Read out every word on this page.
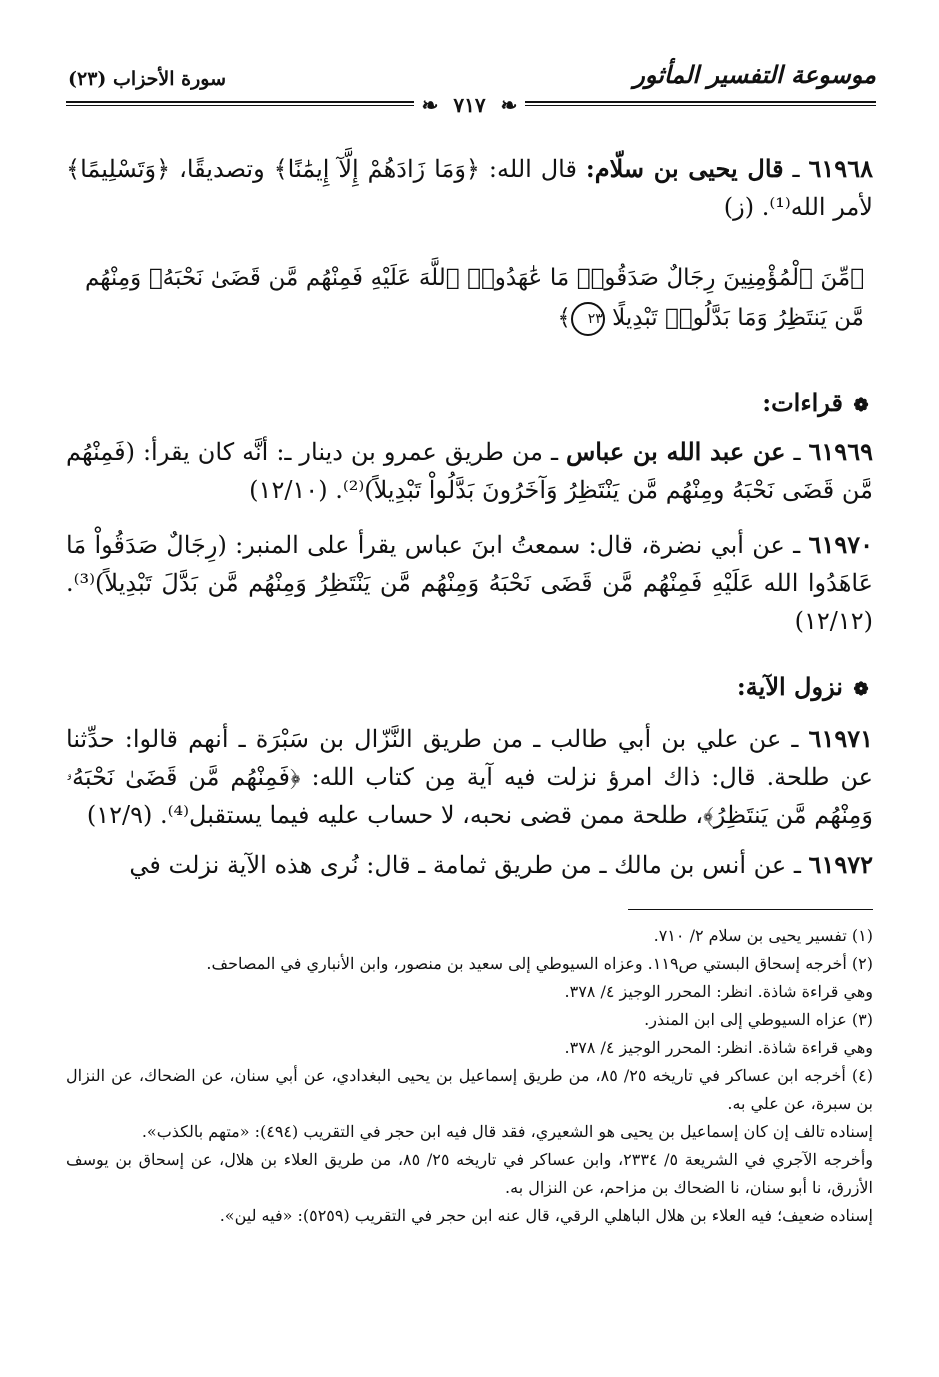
موسوعة التفسير المأثور
سورة الأحزاب (٢٣)
❧ ٧١٧ ❧
٦١٩٦٨ ـ قال يحيى بن سلّام: قال الله: ﴿وَمَا زَادَهُمْ إِلَّآ إِيمَٰنًا﴾ وتصديقًا، ﴿وَتَسْلِيمًا﴾ لأمر الله⁽¹⁾. (ز)
﴿مِّنَ ٱلْمُؤْمِنِينَ رِجَالٌ صَدَقُوا۟ مَا عَٰهَدُوا۟ ٱللَّهَ عَلَيْهِ فَمِنْهُم مَّن قَضَىٰ نَحْبَهُۥ وَمِنْهُم مَّن يَنتَظِرُ وَمَا بَدَّلُوا۟ تَبْدِيلًا ٢٣﴾
❁قراءات:
٦١٩٦٩ ـ عن عبد الله بن عباس ـ من طريق عمرو بن دينار ـ: أنَّه كان يقرأ: (فَمِنْهُم مَّن قَضَى نَحْبَهُ ومِنْهُم مَّن يَنْتَظِرُ وَآخَرُونَ بَدَّلُواْ تَبْدِيلاً)⁽²⁾. (١٢/١٠)
٦١٩٧٠ ـ عن أبي نضرة، قال: سمعتُ ابنَ عباس يقرأ على المنبر: (رِجَالٌ صَدَقُواْ مَا عَاهَدُوا الله عَلَيْهِ فَمِنْهُم مَّن قَضَى نَحْبَهُ وَمِنْهُم مَّن يَنْتَظِرُ وَمِنْهُم مَّن بَدَّلَ تَبْدِيلاً)⁽³⁾. (١٢/١٢)
❁نزول الآية:
٦١٩٧١ ـ عن علي بن أبي طالب ـ من طريق النَّزّال بن سَبْرَة ـ أنهم قالوا: حدِّثنا عن طلحة. قال: ذاك امرؤ نزلت فيه آية مِن كتاب الله: ﴿فَمِنْهُم مَّن قَضَىٰ نَحْبَهُۥ وَمِنْهُم مَّن يَنتَظِرُ﴾، طلحة ممن قضى نحبه، لا حساب عليه فيما يستقبل⁽⁴⁾. (١٢/٩)
٦١٩٧٢ ـ عن أنس بن مالك ـ من طريق ثمامة ـ قال: نُرى هذه الآية نزلت في
(١) تفسير يحيى بن سلام ٢/ ٧١٠.
(٢) أخرجه إسحاق البستي ص١١٩. وعزاه السيوطي إلى سعيد بن منصور، وابن الأنباري في المصاحف.
وهي قراءة شاذة. انظر: المحرر الوجيز ٤/ ٣٧٨.
(٣) عزاه السيوطي إلى ابن المنذر.
وهي قراءة شاذة. انظر: المحرر الوجيز ٤/ ٣٧٨.
(٤) أخرجه ابن عساكر في تاريخه ٢٥/ ٨٥، من طريق إسماعيل بن يحيى البغدادي، عن أبي سنان، عن الضحاك، عن النزال بن سبرة، عن علي به.
إسناده تالف إن كان إسماعيل بن يحيى هو الشعيري، فقد قال فيه ابن حجر في التقريب (٤٩٤): «متهم بالكذب».
وأخرجه الآجري في الشريعة ٥/ ٢٣٣٤، وابن عساكر في تاريخه ٢٥/ ٨٥، من طريق العلاء بن هلال، عن إسحاق بن يوسف الأزرق، نا أبو سنان، نا الضحاك بن مزاحم، عن النزال به.
إسناده ضعيف؛ فيه العلاء بن هلال الباهلي الرقي، قال عنه ابن حجر في التقريب (٥٢٥٩): «فيه لين».
